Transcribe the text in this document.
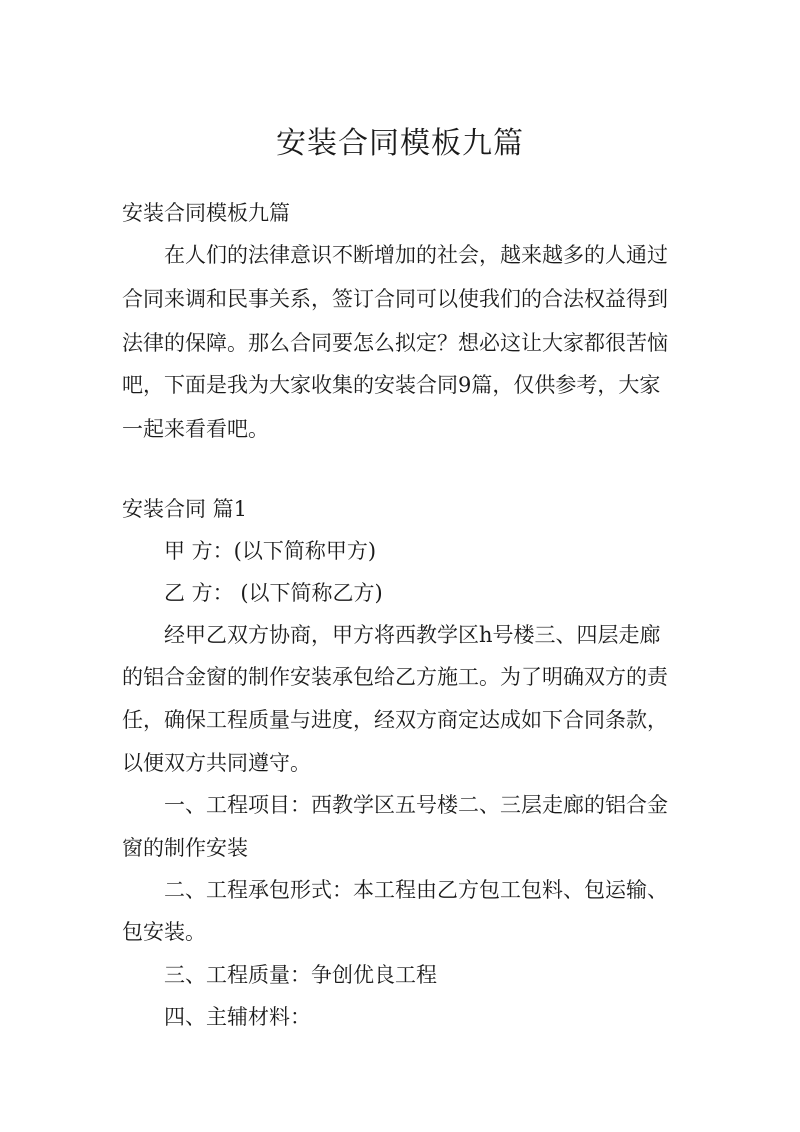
安装合同模板九篇
安装合同模板九篇
在人们的法律意识不断增加的社会，越来越多的人通过
合同来调和民事关系，签订合同可以使我们的合法权益得到
法律的保障。那么合同要怎么拟定？想必这让大家都很苦恼
吧，下面是我为大家收集的安装合同9篇，仅供参考，大家
一起来看看吧。
安装合同 篇1
甲 方：(以下简称甲方)
乙 方： (以下简称乙方)
经甲乙双方协商，甲方将西教学区h号楼三、四层走廊
的铝合金窗的制作安装承包给乙方施工。为了明确双方的责
任，确保工程质量与进度，经双方商定达成如下合同条款，
以便双方共同遵守。
一、工程项目：西教学区五号楼二、三层走廊的铝合金
窗的制作安装
二、工程承包形式：本工程由乙方包工包料、包运输、
包安装。
三、工程质量：争创优良工程
四、主辅材料：
